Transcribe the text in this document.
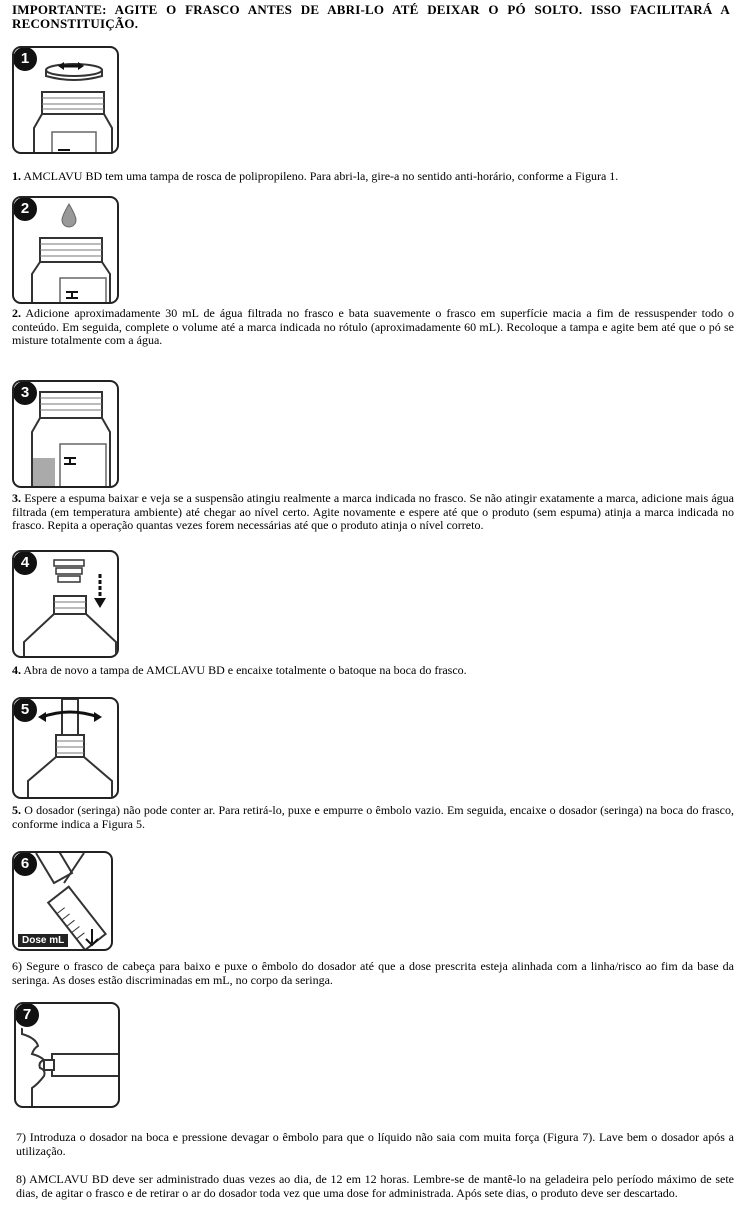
IMPORTANTE: AGITE O FRASCO ANTES DE ABRI-LO ATÉ DEIXAR O PÓ SOLTO. ISSO FACILITARÁ A RECONSTITUIÇÃO.
1
1. AMCLAVU BD tem uma tampa de rosca de polipropileno. Para abri-la, gire-a no sentido anti-horário, conforme a Figura 1.
2
2. Adicione aproximadamente 30 mL de água filtrada no frasco e bata suavemente o frasco em superfície macia a fim de ressuspender todo o conteúdo. Em seguida, complete o volume até a marca indicada no rótulo (aproximadamente 60 mL). Recoloque a tampa e agite bem até que o pó se misture totalmente com a água.
3
3. Espere a espuma baixar e veja se a suspensão atingiu realmente a marca indicada no frasco. Se não atingir exatamente a marca, adicione mais água filtrada (em temperatura ambiente) até chegar ao nível certo. Agite novamente e espere até que o produto (sem espuma) atinja a marca indicada no frasco. Repita a operação quantas vezes forem necessárias até que o produto atinja o nível correto.
4
4. Abra de novo a tampa de AMCLAVU BD e encaixe totalmente o batoque na boca do frasco.
5
5. O dosador (seringa) não pode conter ar. Para retirá-lo, puxe e empurre o êmbolo vazio. Em seguida, encaixe o dosador (seringa) na boca do frasco, conforme indica a Figura 5.
6
Dose mL
6) Segure o frasco de cabeça para baixo e puxe o êmbolo do dosador até que a dose prescrita esteja alinhada com a linha/risco ao fim da base da seringa. As doses estão discriminadas em mL, no corpo da seringa.
7
7) Introduza o dosador na boca e pressione devagar o êmbolo para que o líquido não saia com muita força (Figura 7). Lave bem o dosador após a utilização.
8) AMCLAVU BD deve ser administrado duas vezes ao dia, de 12 em 12 horas. Lembre-se de mantê-lo na geladeira pelo período máximo de sete dias, de agitar o frasco e de retirar o ar do dosador toda vez que uma dose for administrada. Após sete dias, o produto deve ser descartado.
